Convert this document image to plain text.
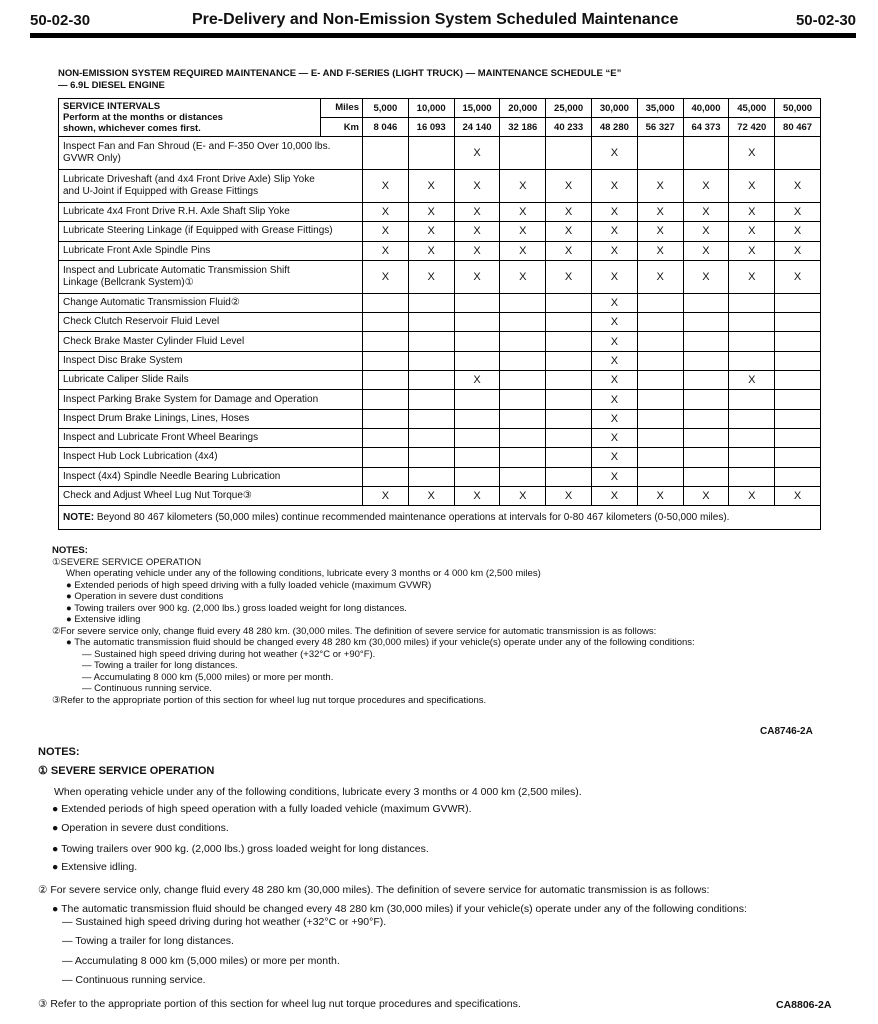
50-02-30	Pre-Delivery and Non-Emission System Scheduled Maintenance	50-02-30
NON-EMISSION SYSTEM REQUIRED MAINTENANCE — E- AND F-SERIES (LIGHT TRUCK) — MAINTENANCE SCHEDULE “E”
— 6.9L DIESEL ENGINE
SERVICE INTERVALS
Perform at the months or distances
shown, whichever comes first.	Miles	5,000	10,000	15,000	20,000	25,000	30,000	35,000	40,000	45,000	50,000
	Km	8 046	16 093	24 140	32 186	40 233	48 280	56 327	64 373	72 420	80 467

Inspect Fan and Fan Shroud (E- and F-350 Over 10,000 lbs.
GVWR Only)				X			X			X	

Lubricate Driveshaft (and 4x4 Front Drive Axle) Slip Yoke
and U-Joint if Equipped with Grease Fittings		X	X	X	X	X	X	X	X	X	X

Lubricate 4x4 Front Drive R.H. Axle Shaft Slip Yoke		X	X	X	X	X	X	X	X	X	X

Lubricate Steering Linkage (if Equipped with Grease Fittings)		X	X	X	X	X	X	X	X	X	X

Lubricate Front Axle Spindle Pins		X	X	X	X	X	X	X	X	X	X

Inspect and Lubricate Automatic Transmission Shift
Linkage (Bellcrank System)①		X	X	X	X	X	X	X	X	X	X

Change Automatic Transmission Fluid②							X				

Check Clutch Reservoir Fluid Level							X				

Check Brake Master Cylinder Fluid Level							X				

Inspect Disc Brake System							X				

Lubricate Caliper Slide Rails				X			X			X	

Inspect Parking Brake System for Damage and Operation							X				

Inspect Drum Brake Linings, Lines, Hoses							X				

Inspect and Lubricate Front Wheel Bearings							X				

Inspect Hub Lock Lubrication (4x4)							X				

Inspect (4x4) Spindle Needle Bearing Lubrication							X				

Check and Adjust Wheel Lug Nut Torque③		X	X	X	X	X	X	X	X	X	X
NOTE: Beyond 80 467 kilometers (50,000 miles) continue recommended maintenance operations at intervals for 0-80 467 kilometers (0-50,000 miles).											
NOTES:
①SEVERE SERVICE OPERATION
When operating vehicle under any of the following conditions, lubricate every 3 months or 4 000 km (2,500 miles)
● Extended periods of high speed driving with a fully loaded vehicle (maximum GVWR)
● Operation in severe dust conditions
● Towing trailers over 900 kg. (2,000 lbs.) gross loaded weight for long distances.
● Extensive idling
②For severe service only, change fluid every 48 280 km. (30,000 miles. The definition of severe service for automatic transmission is as follows:
● The automatic transmission fluid should be changed every 48 280 km (30,000 miles) if your vehicle(s) operate under any of the following conditions:
— Sustained high speed driving during hot weather (+32°C or +90°F).
— Towing a trailer for long distances.
— Accumulating 8 000 km (5,000 miles) or more per month.
— Continuous running service.
③Refer to the appropriate portion of this section for wheel lug nut torque procedures and specifications.
CA8746-2A
NOTES:
① SEVERE SERVICE OPERATION
When operating vehicle under any of the following conditions, lubricate every 3 months or 4 000 km (2,500 miles).
● Extended periods of high speed operation with a fully loaded vehicle (maximum GVWR).
● Operation in severe dust conditions.
● Towing trailers over 900 kg. (2,000 lbs.) gross loaded weight for long distances.
● Extensive idling.
② For severe service only, change fluid every 48 280 km (30,000 miles). The definition of severe service for automatic transmission is as follows:
● The automatic transmission fluid should be changed every 48 280 km (30,000 miles) if your vehicle(s) operate under any of the following conditions:
— Sustained high speed driving during hot weather (+32°C or +90°F).
— Towing a trailer for long distances.
— Accumulating 8 000 km (5,000 miles) or more per month.
— Continuous running service.
③ Refer to the appropriate portion of this section for wheel lug nut torque procedures and specifications.	CA8806-2A
